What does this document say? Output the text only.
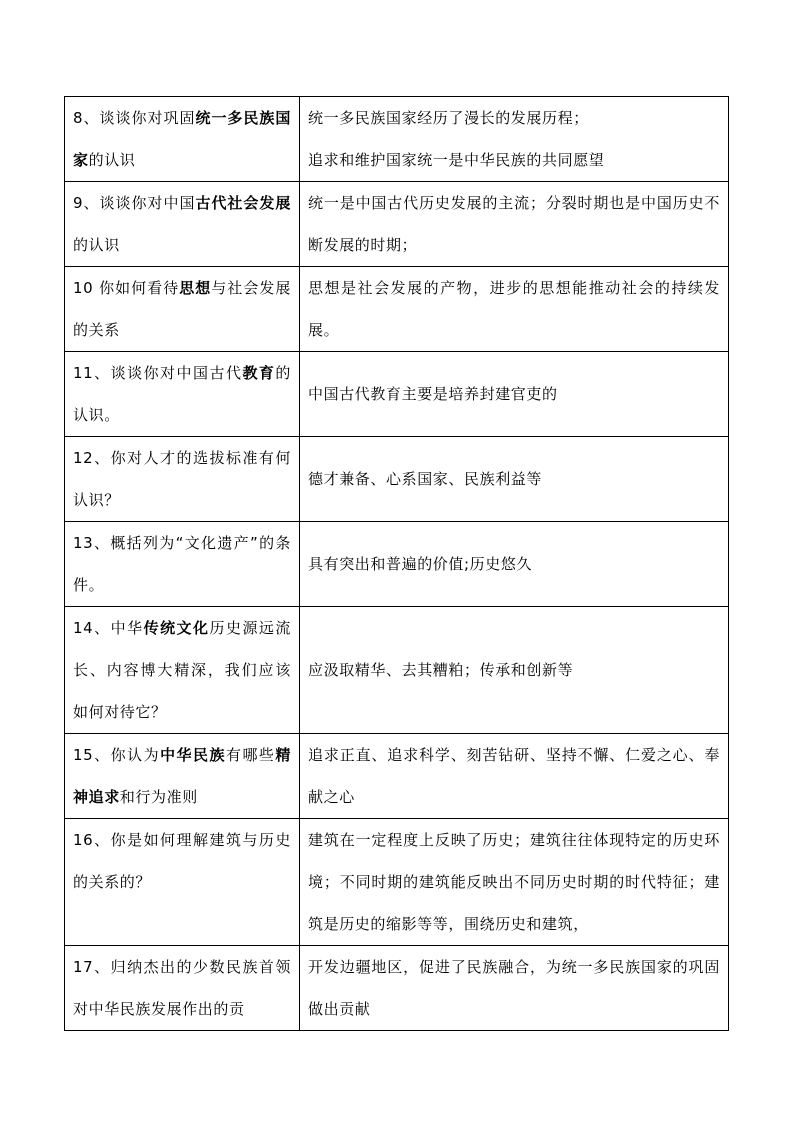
8、谈谈你对巩固统一多民族国家的认识	统一多民族国家经历了漫长的发展历程；
追求和维护国家统一是中华民族的共同愿望

9、谈谈你对中国古代社会发展的认识	统一是中国古代历史发展的主流；分裂时期也是中国历史不断发展的时期；
10 你如何看待思想与社会发展的关系	思想是社会发展的产物，进步的思想能推动社会的持续发展。
11、谈谈你对中国古代教育的认识。	中国古代教育主要是培养封建官吏的
12、你对人才的选拔标准有何认识？	德才兼备、心系国家、民族利益等
13、概括列为“文化遗产”的条件。	具有突出和普遍的价值;历史悠久
14、中华传统文化历史源远流长、内容博大精深，我们应该如何对待它？	应汲取精华、去其糟粕；传承和创新等
15、你认为中华民族有哪些精神追求和行为准则	追求正直、追求科学、刻苦钻研、坚持不懈、仁爱之心、奉献之心
16、你是如何理解建筑与历史的关系的？	建筑在一定程度上反映了历史；建筑往往体现特定的历史环境；不同时期的建筑能反映出不同历史时期的时代特征；建筑是历史的缩影等等，围绕历史和建筑，

17、归纳杰出的少数民族首领对中华民族发展作出的贡	开发边疆地区，促进了民族融合，为统一多民族国家的巩固做出贡献
